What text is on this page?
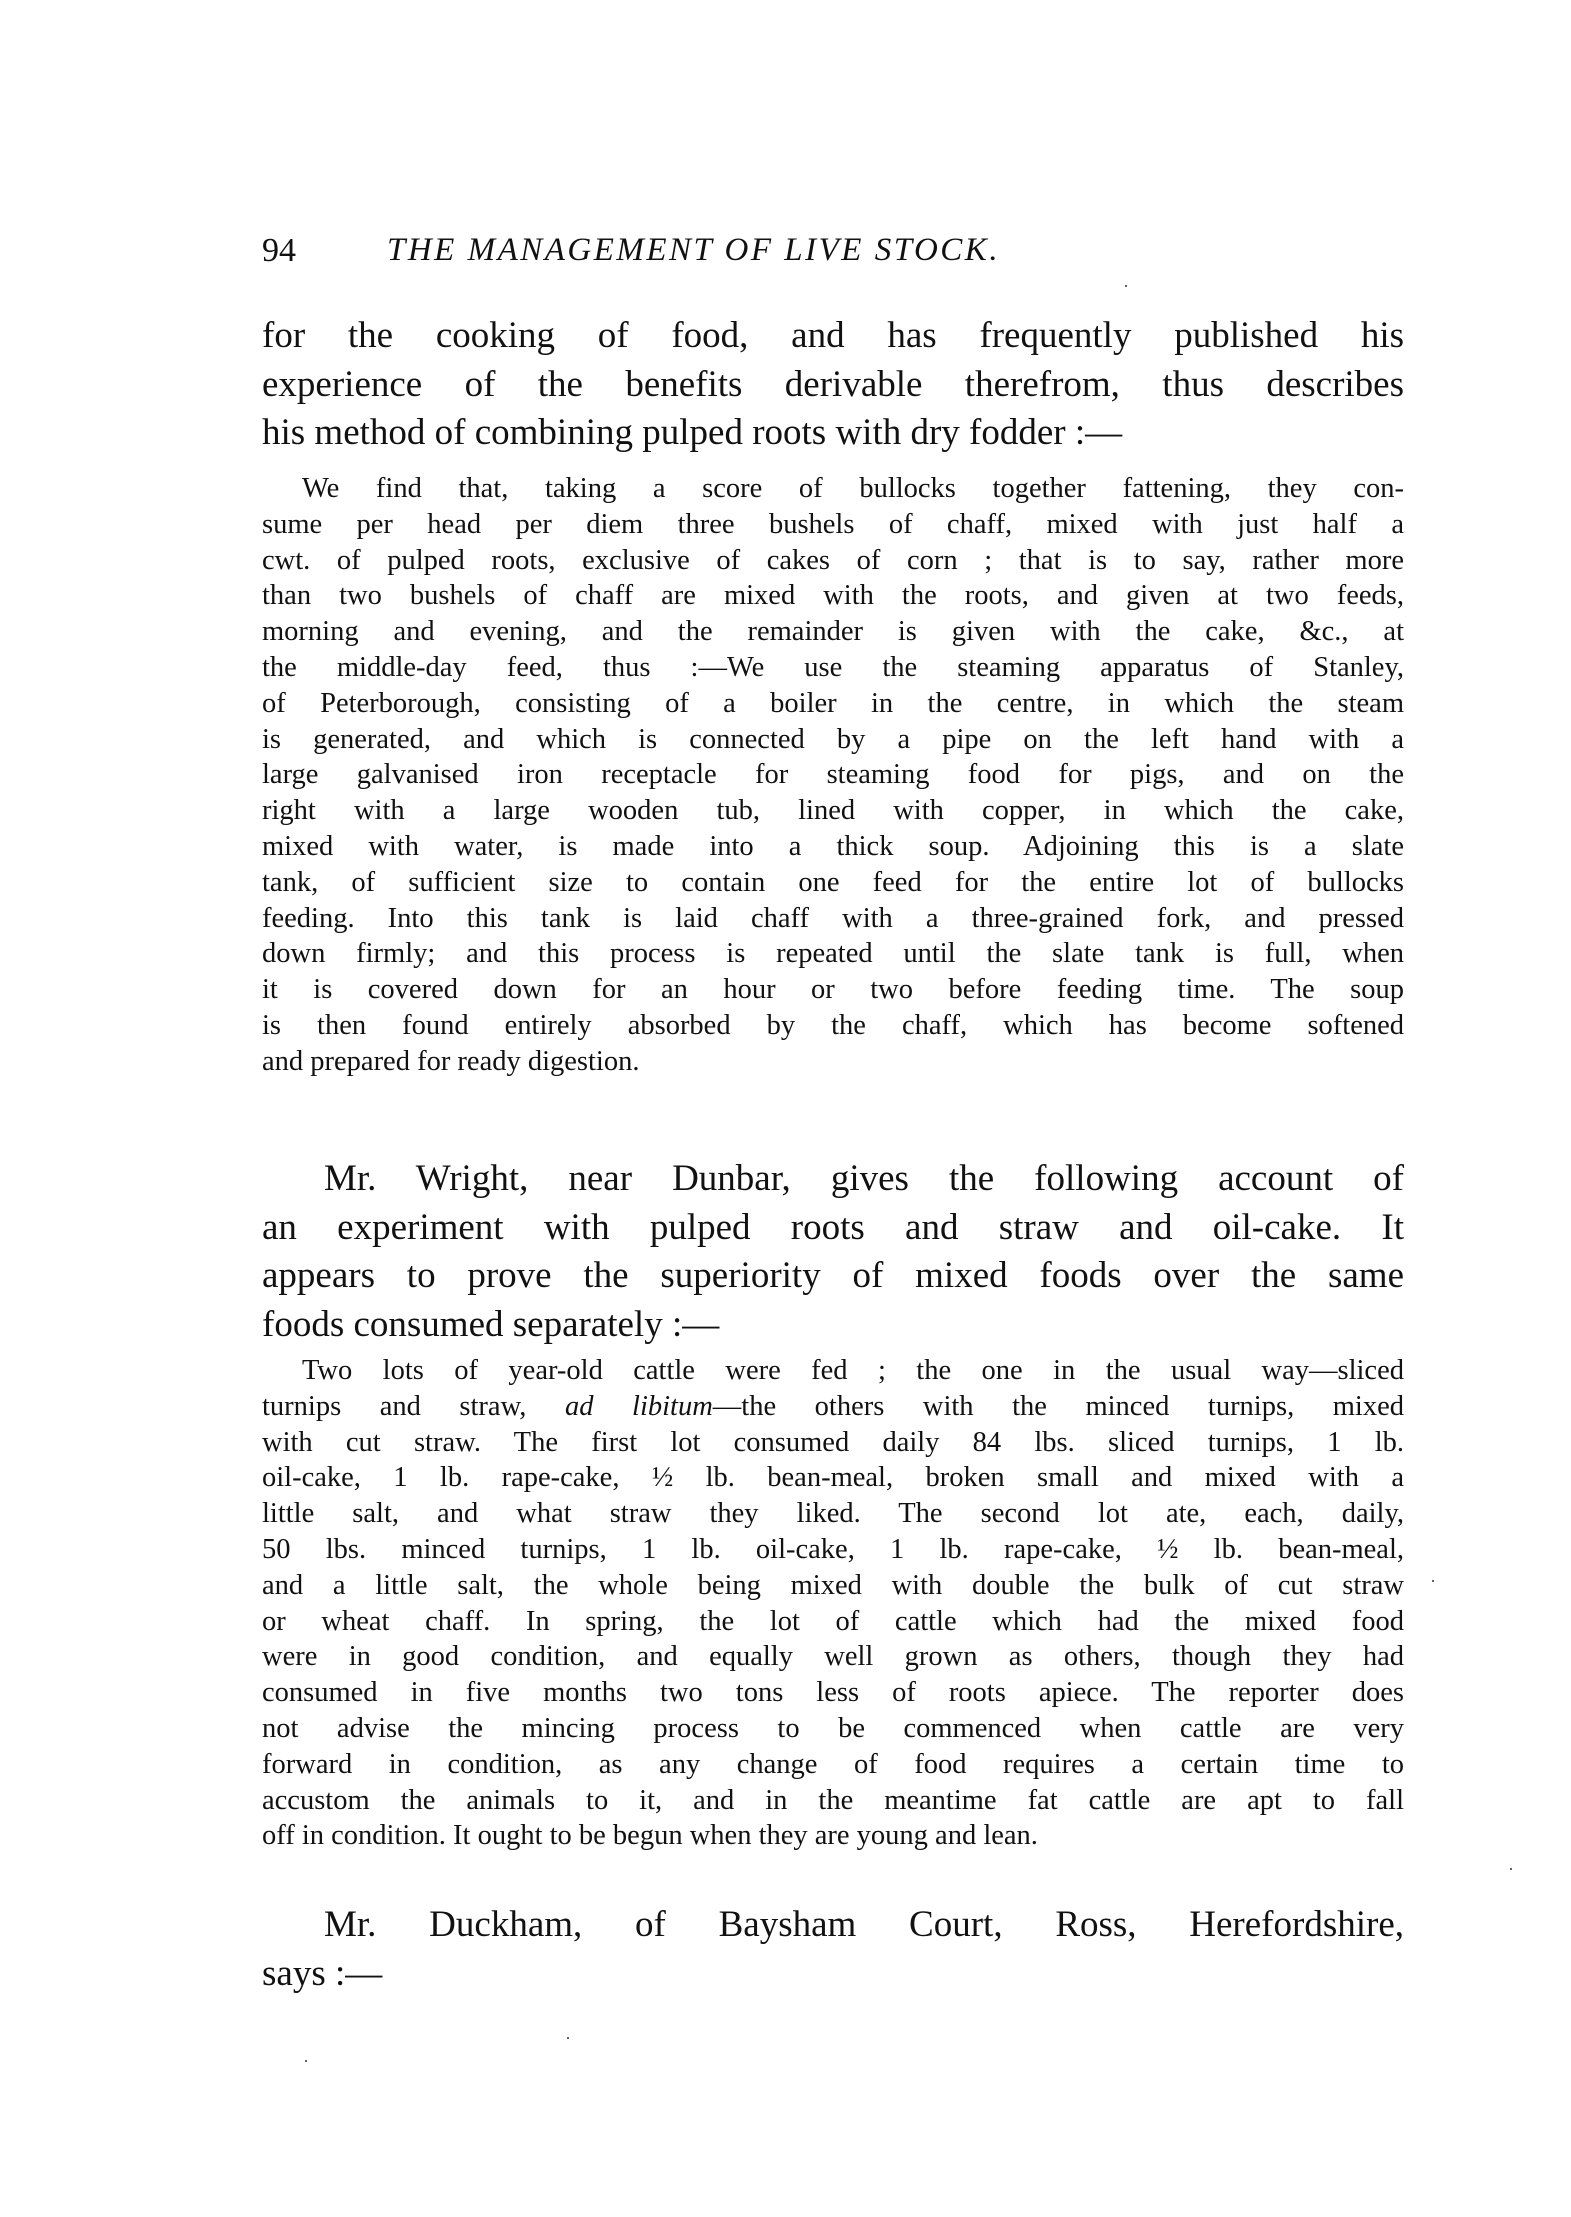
94	THE MANAGEMENT OF LIVE STOCK.
for the cooking of food, and has frequently published his
experience of the benefits derivable therefrom, thus describes
his method of combining pulped roots with dry fodder :—
We find that, taking a score of bullocks together fattening, they con-
sume per head per diem three bushels of chaff, mixed with just half a
cwt. of pulped roots, exclusive of cakes of corn ; that is to say, rather more
than two bushels of chaff are mixed with the roots, and given at two feeds,
morning and evening, and the remainder is given with the cake, &c., at
the middle-day feed, thus :—We use the steaming apparatus of Stanley,
of Peterborough, consisting of a boiler in the centre, in which the steam
is generated, and which is connected by a pipe on the left hand with a
large galvanised iron receptacle for steaming food for pigs, and on the
right with a large wooden tub, lined with copper, in which the cake,
mixed with water, is made into a thick soup. Adjoining this is a slate
tank, of sufficient size to contain one feed for the entire lot of bullocks
feeding. Into this tank is laid chaff with a three-grained fork, and pressed
down firmly; and this process is repeated until the slate tank is full, when
it is covered down for an hour or two before feeding time. The soup
is then found entirely absorbed by the chaff, which has become softened
and prepared for ready digestion.
Mr. Wright, near Dunbar, gives the following account of
an experiment with pulped roots and straw and oil-cake. It
appears to prove the superiority of mixed foods over the same
foods consumed separately :—
Two lots of year-old cattle were fed ; the one in the usual way—sliced
turnips and straw, ad libitum—the others with the minced turnips, mixed
with cut straw. The first lot consumed daily 84 lbs. sliced turnips, 1 lb.
oil-cake, 1 lb. rape-cake, ½ lb. bean-meal, broken small and mixed with a
little salt, and what straw they liked. The second lot ate, each, daily,
50 lbs. minced turnips, 1 lb. oil-cake, 1 lb. rape-cake, ½ lb. bean-meal,
and a little salt, the whole being mixed with double the bulk of cut straw
or wheat chaff. In spring, the lot of cattle which had the mixed food
were in good condition, and equally well grown as others, though they had
consumed in five months two tons less of roots apiece. The reporter does
not advise the mincing process to be commenced when cattle are very
forward in condition, as any change of food requires a certain time to
accustom the animals to it, and in the meantime fat cattle are apt to fall
off in condition. It ought to be begun when they are young and lean.
Mr. Duckham, of Baysham Court, Ross, Herefordshire,
says :—
